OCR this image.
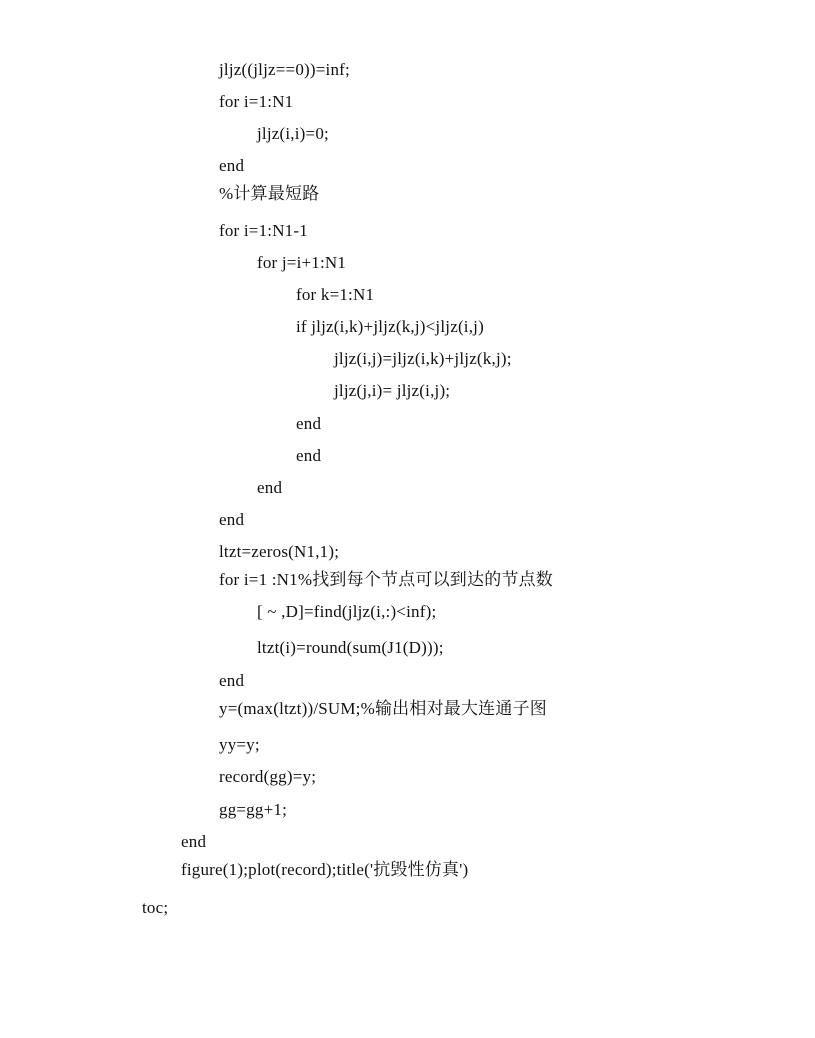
jljz((jljz==0))=inf;
for i=1:N1
jljz(i,i)=0;
end
%计算最短路
for i=1:N1-1
for j=i+1:N1
for k=1:N1
if jljz(i,k)+jljz(k,j)<jljz(i,j)
jljz(i,j)=jljz(i,k)+jljz(k,j);
jljz(j,i)= jljz(i,j);
end
end
end
end
ltzt=zeros(N1,1);
for i=1 :N1%找到每个节点可以到达的节点数
[ ~ ,D]=find(jljz(i,:)<inf);
ltzt(i)=round(sum(J1(D)));
end
y=(max(ltzt))/SUM;%输出相对最大连通子图
yy=y;
record(gg)=y;
gg=gg+1;
end
figure(1);plot(record);title('抗毁性仿真')
toc;
